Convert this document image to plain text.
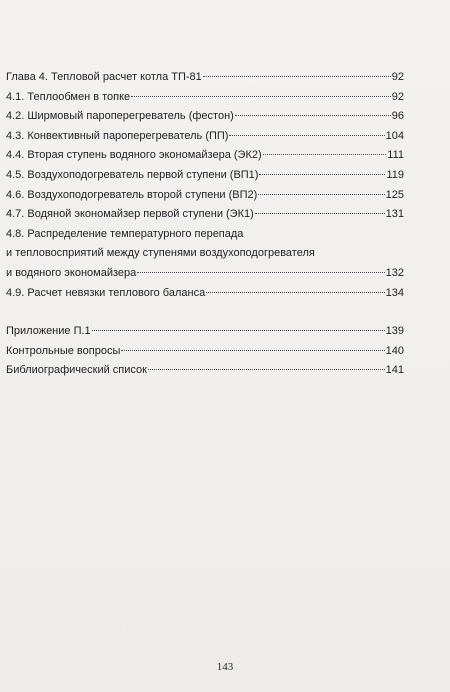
Глава 4. Тепловой расчет котла ТП-81	92
4.1. Теплообмен в топке	92
4.2. Ширмовый пароперегреватель (фестон)	96
4.3. Конвективный пароперегреватель (ПП)	104
4.4. Вторая ступень водяного экономайзера (ЭК2)	111
4.5. Воздухоподогреватель первой ступени (ВП1)	119
4.6. Воздухоподогреватель второй ступени (ВП2)	125
4.7. Водяной экономайзер первой ступени (ЭК1)	131
4.8. Распределение температурного перепада
и тепловосприятий между ступенями воздухоподогревателя
и водяного экономайзера	132
4.9. Расчет невязки теплового баланса	134
Приложение П.1	139
Контрольные вопросы	140
Библиографический список	141
143
